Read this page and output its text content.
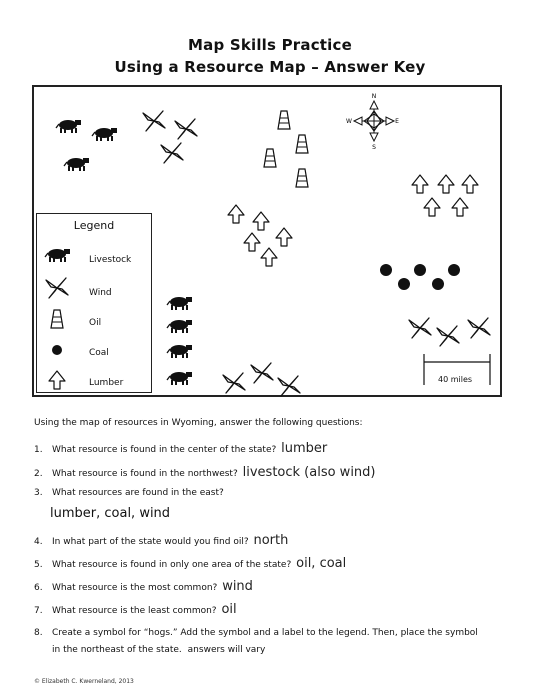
Map Skills Practice
Using a Resource Map – Answer Key
N
S
W	E
40 miles
Legend
Livestock
Wind
Oil
Coal
Lumber
Using the map of resources in Wyoming, answer the following questions:
1. What resource is found in the center of the state? lumber
2. What resource is found in the northwest? livestock (also wind)
3. What resources are found in the east?
lumber, coal, wind
4. In what part of the state would you find oil? north
5. What resource is found in only one area of the state? oil, coal
6. What resource is the most common? wind
7. What resource is the least common? oil
8. Create a symbol for “hogs.” Add the symbol and a label to the legend. Then, place the symbol
in the northeast of the state. answers will vary
© Elizabeth C. Kwerneland, 2013
